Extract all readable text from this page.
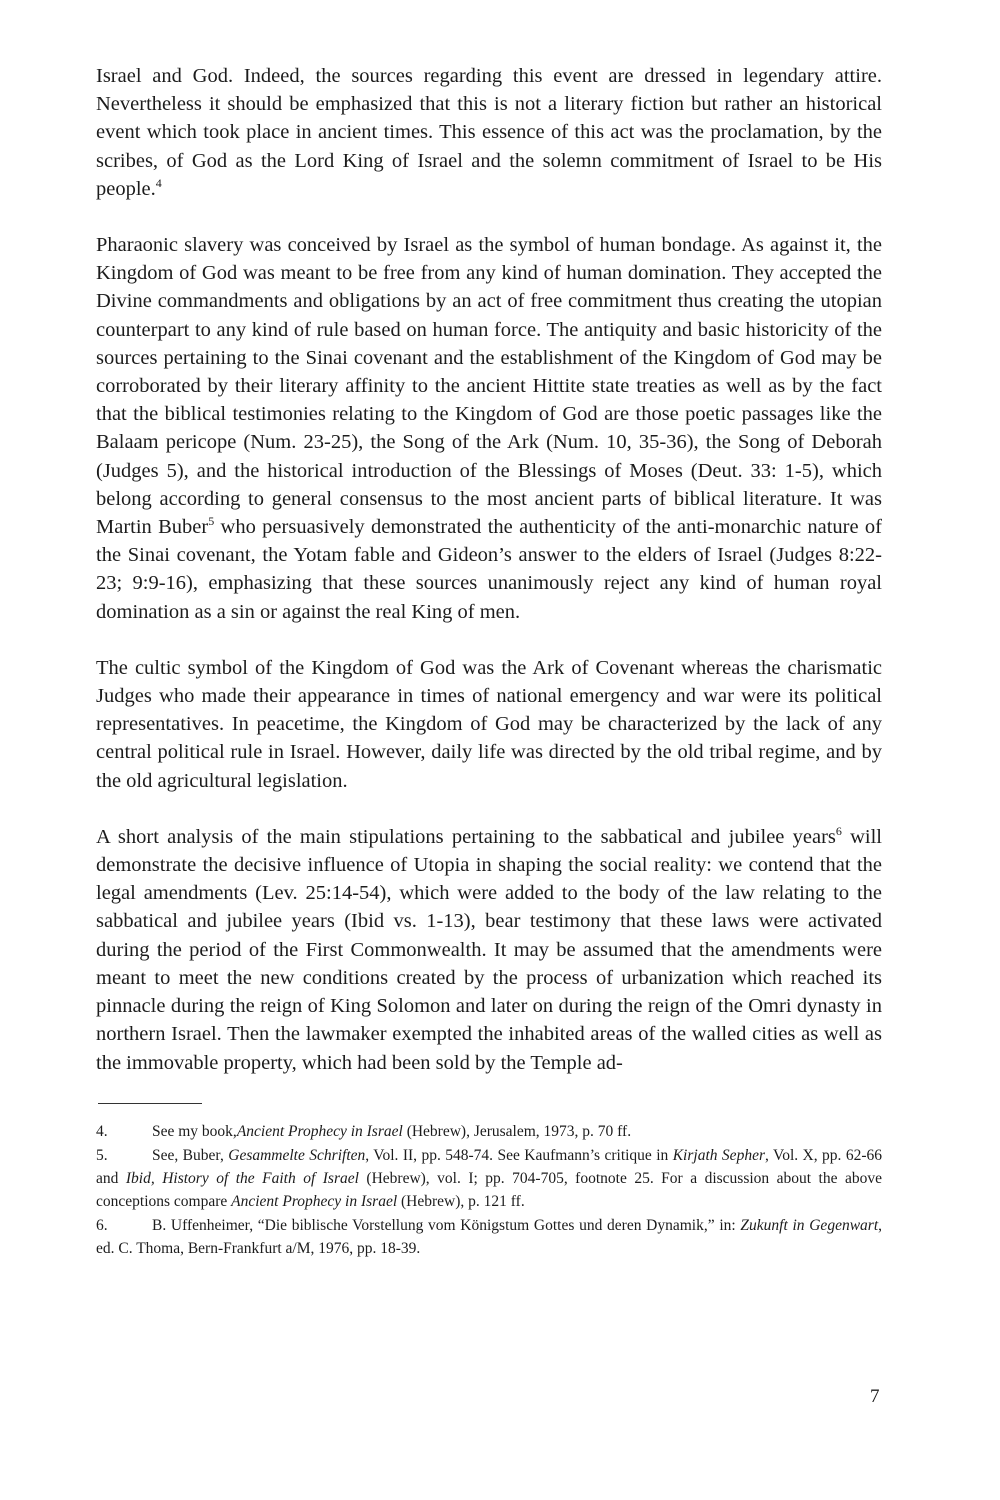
Israel and God. Indeed, the sources regarding this event are dressed in legendary attire. Nevertheless it should be emphasized that this is not a literary fiction but rather an historical event which took place in ancient times. This essence of this act was the proclamation, by the scribes, of God as the Lord King of Israel and the solemn commitment of Israel to be His people.$^4$

Pharaonic slavery was conceived by Israel as the symbol of human bondage. As against it, the Kingdom of God was meant to be free from any kind of human domination. They accepted the Divine commandments and obligations by an act of free commitment thus creating the utopian counterpart to any kind of rule based on human force. The antiquity and basic historicity of the sources pertaining to the Sinai covenant and the establishment of the Kingdom of God may be corroborated by their literary affinity to the ancient Hittite state treaties as well as by the fact that the biblical testimonies relating to the Kingdom of God are those poetic passages like the Balaam pericope (Num. 23-25), the Song of the Ark (Num. 10, 35-36), the Song of Deborah (Judges 5), and the historical introduction of the Blessings of Moses (Deut. 33: 1-5), which belong according to general consensus to the most ancient parts of biblical literature. It was Martin Buber$^5$ who persuasively demonstrated the authenticity of the anti-monarchic nature of the Sinai covenant, the Yotam fable and Gideon’s answer to the elders of Israel (Judges 8:22-23; 9:9-16), emphasizing that these sources unanimously reject any kind of human royal domination as a sin or against the real King of men.

The cultic symbol of the Kingdom of God was the Ark of Covenant whereas the charismatic Judges who made their appearance in times of national emergency and war were its political representatives. In peacetime, the Kingdom of God may be characterized by the lack of any central political rule in Israel. However, daily life was directed by the old tribal regime, and by the old agricultural legislation.

A short analysis of the main stipulations pertaining to the sabbatical and jubilee years$^6$ will demonstrate the decisive influence of Utopia in shaping the social reality: we contend that the legal amendments (Lev. 25:14-54), which were added to the body of the law relating to the sabbatical and jubilee years (Ibid vs. 1-13), bear testimony that these laws were activated during the period of the First Commonwealth. It may be assumed that the amendments were meant to meet the new conditions created by the process of urbanization which reached its pinnacle during the reign of King Solomon and later on during the reign of the Omri dynasty in northern Israel. Then the lawmaker exempted the inhabited areas of the walled cities as well as the immovable property, which had been sold by the Temple ad-

4.	See my book,Ancient Prophecy in Israel (Hebrew), Jerusalem, 1973, p. 70 ff.

5.	See, Buber, Gesammelte Schriften, Vol. II, pp. 548-74. See Kaufmann’s critique in Kirjath Sepher, Vol. X, pp. 62-66 and Ibid, History of the Faith of Israel (Hebrew), vol. I; pp. 704-705, footnote 25. For a discussion about the above conceptions compare Ancient Prophecy in Israel (Hebrew), p. 121 ff.

6.	B. Uffenheimer, “Die biblische Vorstellung vom Königstum Gottes und deren Dynamik,” in: Zukunft in Gegenwart, ed. C. Thoma, Bern-Frankfurt a/M, 1976, pp. 18-39.

7
